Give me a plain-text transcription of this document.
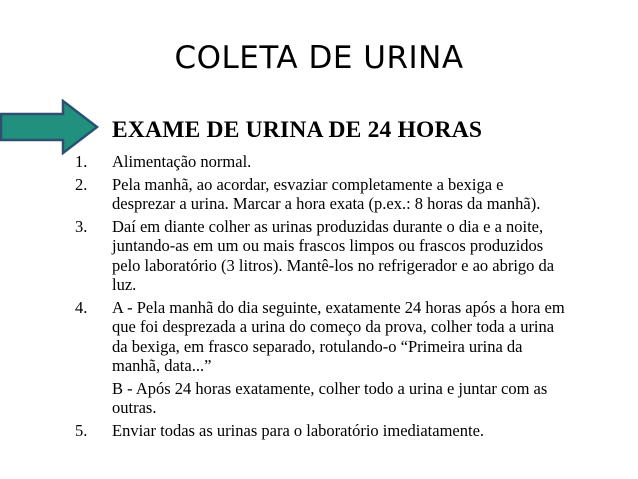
COLETA DE URINA
EXAME DE URINA DE 24 HORAS
1. Alimentação normal.
2. Pela manhã, ao acordar, esvaziar completamente a bexiga e
desprezar a urina. Marcar a hora exata (p.ex.: 8 horas da manhã).
3. Daí em diante colher as urinas produzidas durante o dia e a noite,
juntando-as em um ou mais frascos limpos ou frascos produzidos
pelo laboratório (3 litros). Mantê-los no refrigerador e ao abrigo da
luz.
4. A - Pela manhã do dia seguinte, exatamente 24 horas após a hora em
que foi desprezada a urina do começo da prova, colher toda a urina
da bexiga, em frasco separado, rotulando-o “Primeira urina da
manhã, data...”
B - Após 24 horas exatamente, colher todo a urina e juntar com as
outras.
5. Enviar todas as urinas para o laboratório imediatamente.
